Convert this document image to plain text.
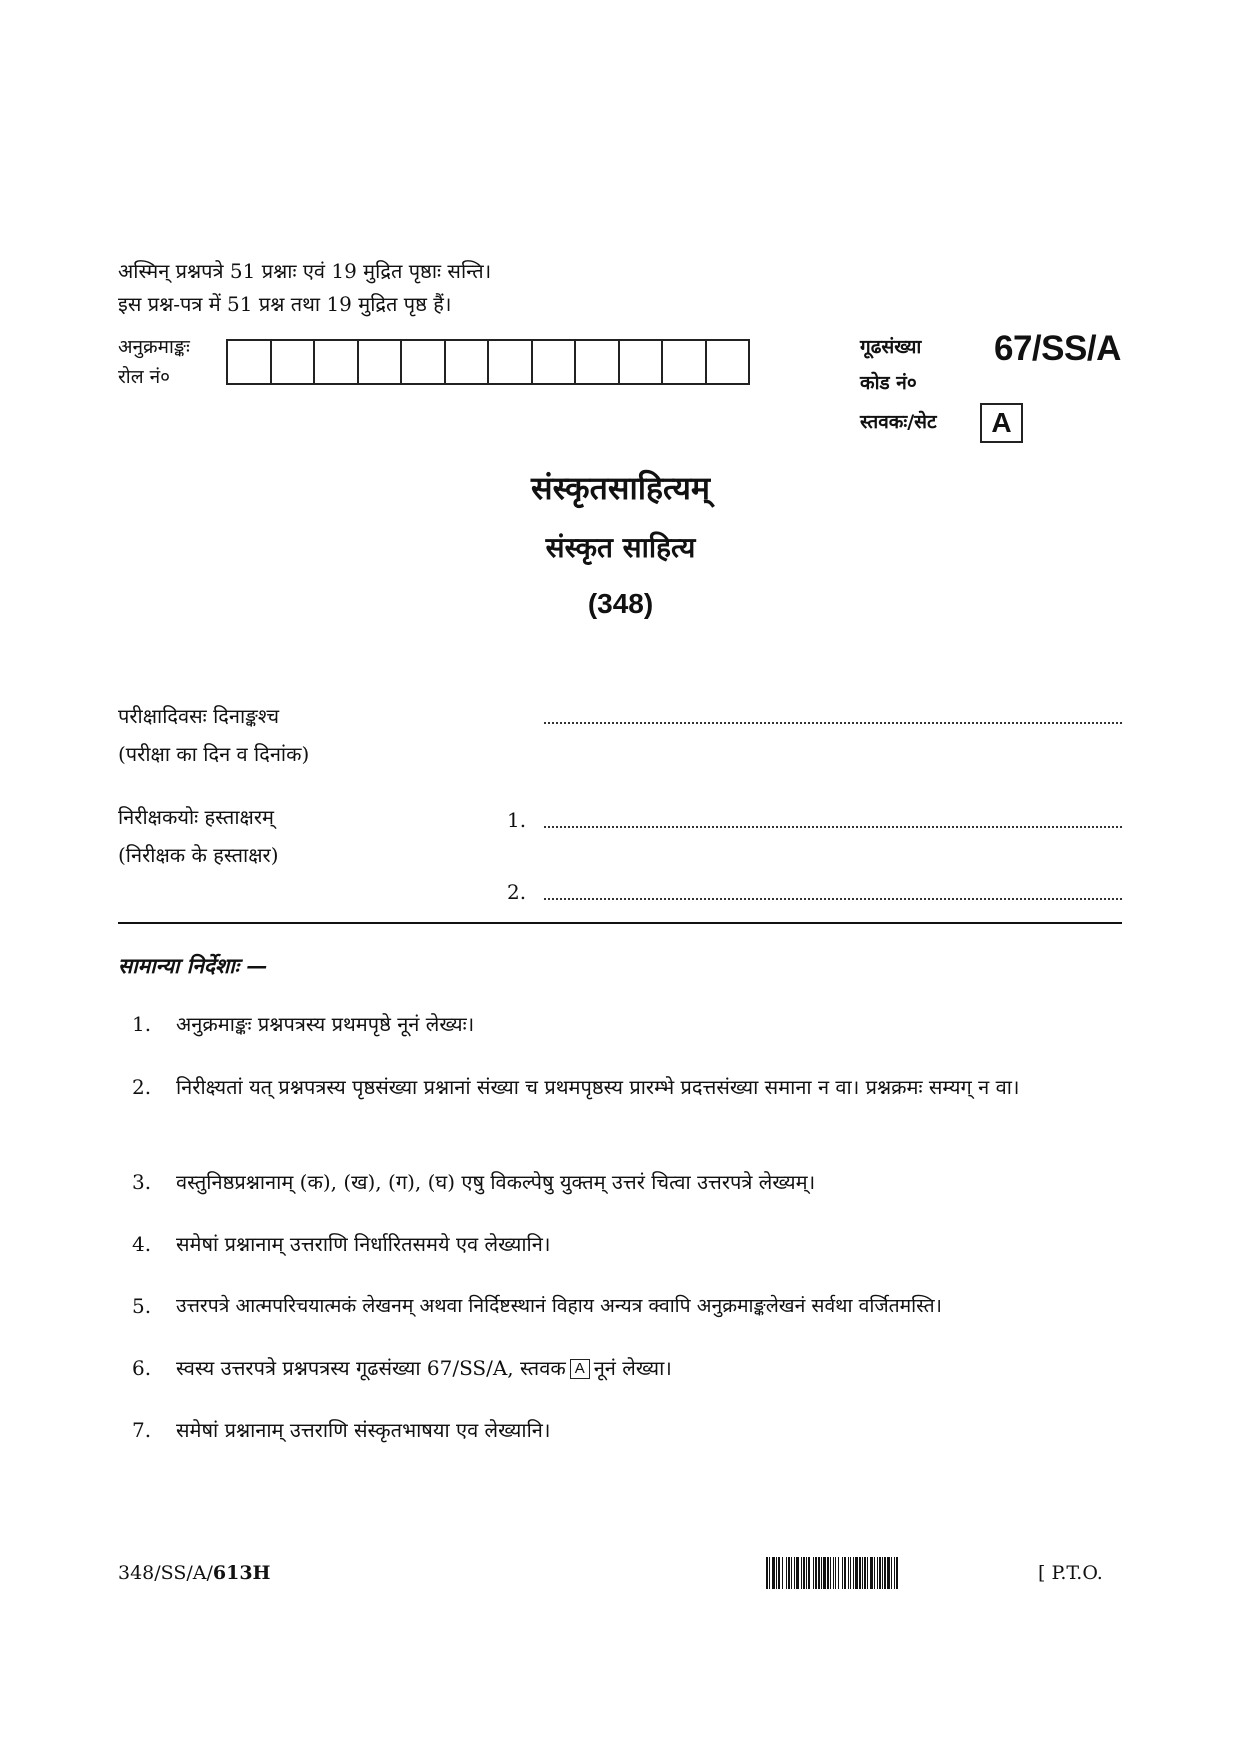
अस्मिन् प्रश्नपत्रे 51 प्रश्नाः एवं 19 मुद्रित पृष्ठाः सन्ति।
इस प्रश्न-पत्र में 51 प्रश्न तथा 19 मुद्रित पृष्ठ हैं।
अनुक्रमाङ्कः
रोल नं०
गूढसंख्या
कोड नं०
67/SS/A
स्तवकः/सेट	A
संस्कृतसाहित्यम्
संस्कृत साहित्य
(348)
परीक्षादिवसः दिनाङ्कश्च
(परीक्षा का दिन व दिनांक)
निरीक्षकयोः हस्ताक्षरम्
(निरीक्षक के हस्ताक्षर)
1.
2.
सामान्या निर्देशाः —
1. अनुक्रमाङ्कः प्रश्नपत्रस्य प्रथमपृष्ठे नूनं लेख्यः।
2. निरीक्ष्यतां यत् प्रश्नपत्रस्य पृष्ठसंख्या प्रश्नानां संख्या च प्रथमपृष्ठस्य प्रारम्भे प्रदत्तसंख्या समाना न वा। प्रश्नक्रमः सम्यग् न वा।
3. वस्तुनिष्ठप्रश्नानाम् (क), (ख), (ग), (घ) एषु विकल्पेषु युक्तम् उत्तरं चित्वा उत्तरपत्रे लेख्यम्।
4. समेषां प्रश्नानाम् उत्तराणि निर्धारितसमये एव लेख्यानि।
5. उत्तरपत्रे आत्मपरिचयात्मकं लेखनम् अथवा निर्दिष्टस्थानं विहाय अन्यत्र क्वापि अनुक्रमाङ्कलेखनं सर्वथा वर्जितमस्ति।
6. स्वस्य उत्तरपत्रे प्रश्नपत्रस्य गूढसंख्या 67/SS/A, स्तवक A नूनं लेख्या।
7. समेषां प्रश्नानाम् उत्तराणि संस्कृतभाषया एव लेख्यानि।
348/SS/A/613H	[ P.T.O.
